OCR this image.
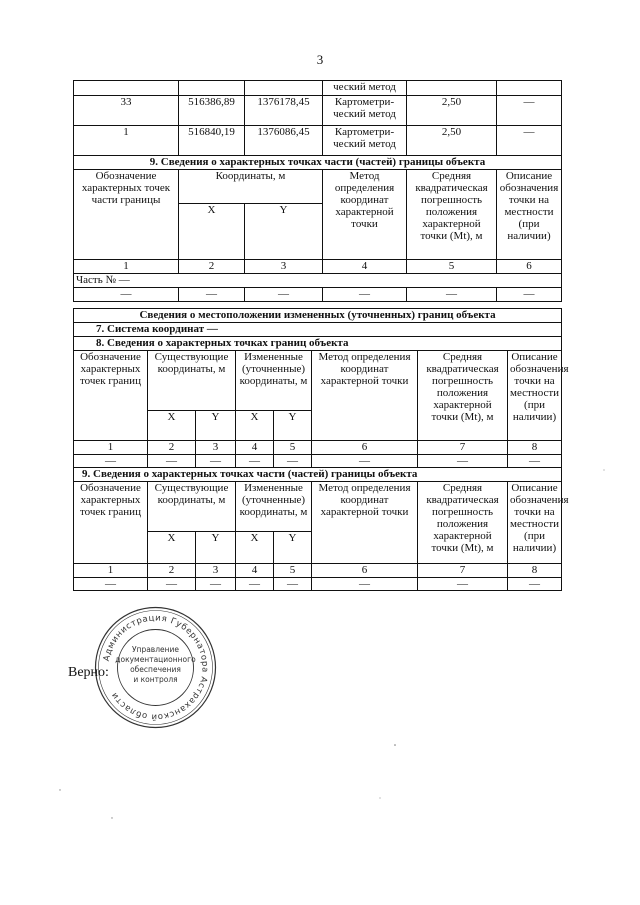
3
			ческий метод		
33	516386,89	1376178,45	Картометри-
ческий метод	2,50	—
1	516840,19	1376086,45	Картометри-
ческий метод	2,50	—
9. Сведения о характерных точках части (частей) границы объекта					
Обозначение характерных точек части границы	Координаты, м		Метод определения координат характерной точки	Средняя квадратическая погрешность положения характерной точки (Mt), м	Описание обозначения точки на местности (при наличии)
	X	Y			
1	2	3	4	5	6
Часть № —					
—	—	—	—	—	—
Сведения о местоположении измененных (уточненных) границ объекта							
7. Система координат —							
8. Сведения о характерных точках границ объекта							
Обозначение характерных точек границ	Существующие координаты, м		Измененные (уточненные) координаты, м		Метод определения координат характерной точки	Средняя квадратическая погрешность положения характерной точки (Mt), м	Описание обозначения точки на местности (при наличии)
	X	Y	X	Y			
1	2	3	4	5	6	7	8
—	—	—	—	—	—	—	—
9. Сведения о характерных точках части (частей) границы объекта							
Обозначение характерных точек границ	Существующие координаты, м		Измененные (уточненные) координаты, м		Метод определения координат характерной точки	Средняя квадратическая погрешность положения характерной точки (Mt), м	Описание обозначения точки на местности (при наличии)
	X	Y	X	Y			
1	2	3	4	5	6	7	8
—	—	—	—	—	—	—	—
Администрация Губернатора Астраханской области
Управление
документационного
обеспечения
и контроля
Верно:
